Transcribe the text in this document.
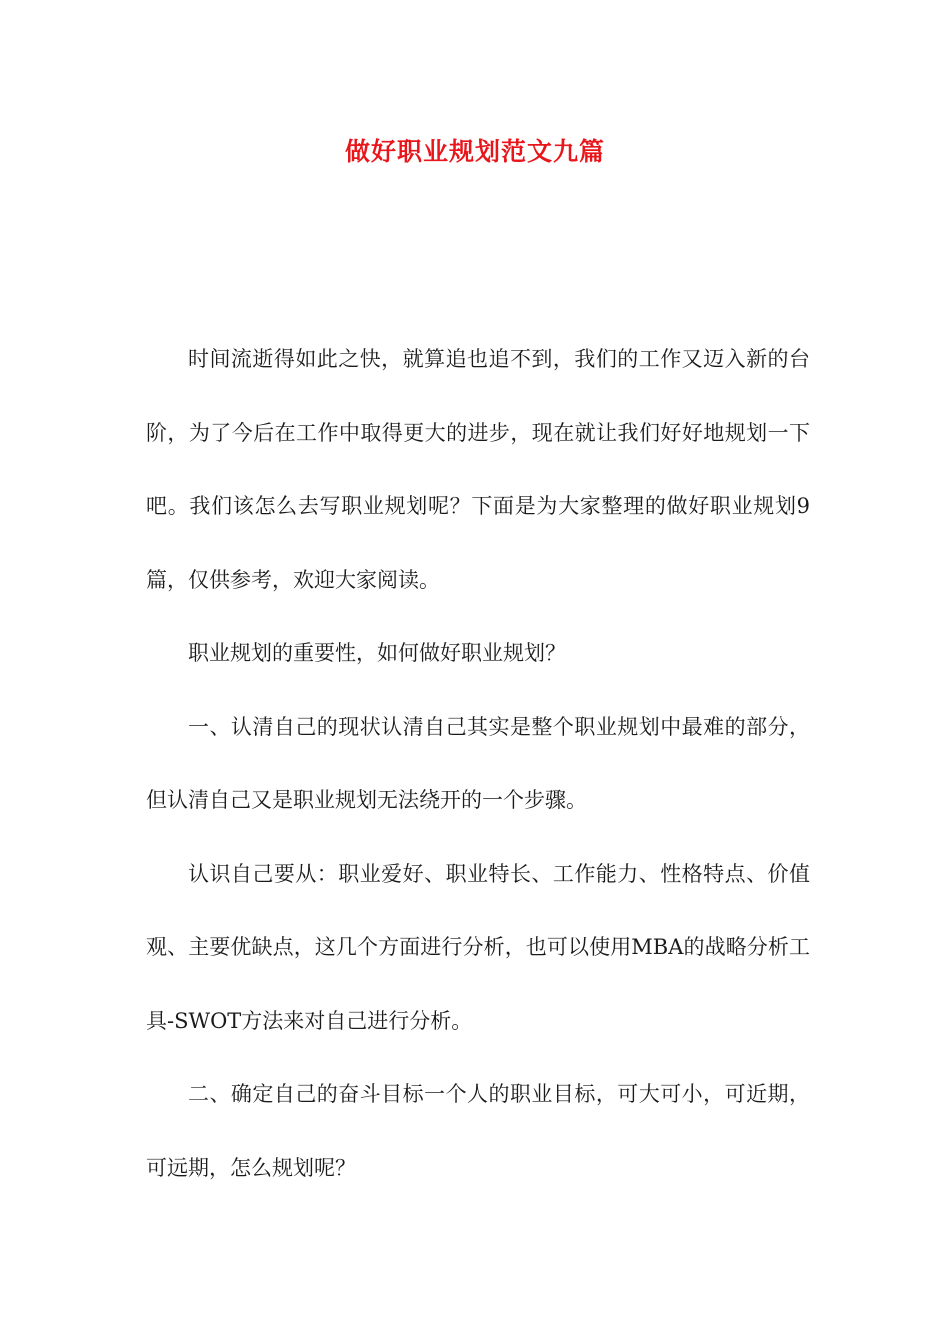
做好职业规划范文九篇

时间流逝得如此之快，就算追也追不到，我们的工作又迈入新的台阶，为了今后在工作中取得更大的进步，现在就让我们好好地规划一下吧。我们该怎么去写职业规划呢？下面是为大家整理的做好职业规划9篇，仅供参考，欢迎大家阅读。

职业规划的重要性，如何做好职业规划？

一、认清自己的现状认清自己其实是整个职业规划中最难的部分，但认清自己又是职业规划无法绕开的一个步骤。

认识自己要从：职业爱好、职业特长、工作能力、性格特点、价值观、主要优缺点，这几个方面进行分析，也可以使用MBA的战略分析工具-SWOT方法来对自己进行分析。

二、确定自己的奋斗目标一个人的职业目标，可大可小，可近期，可远期，怎么规划呢？
